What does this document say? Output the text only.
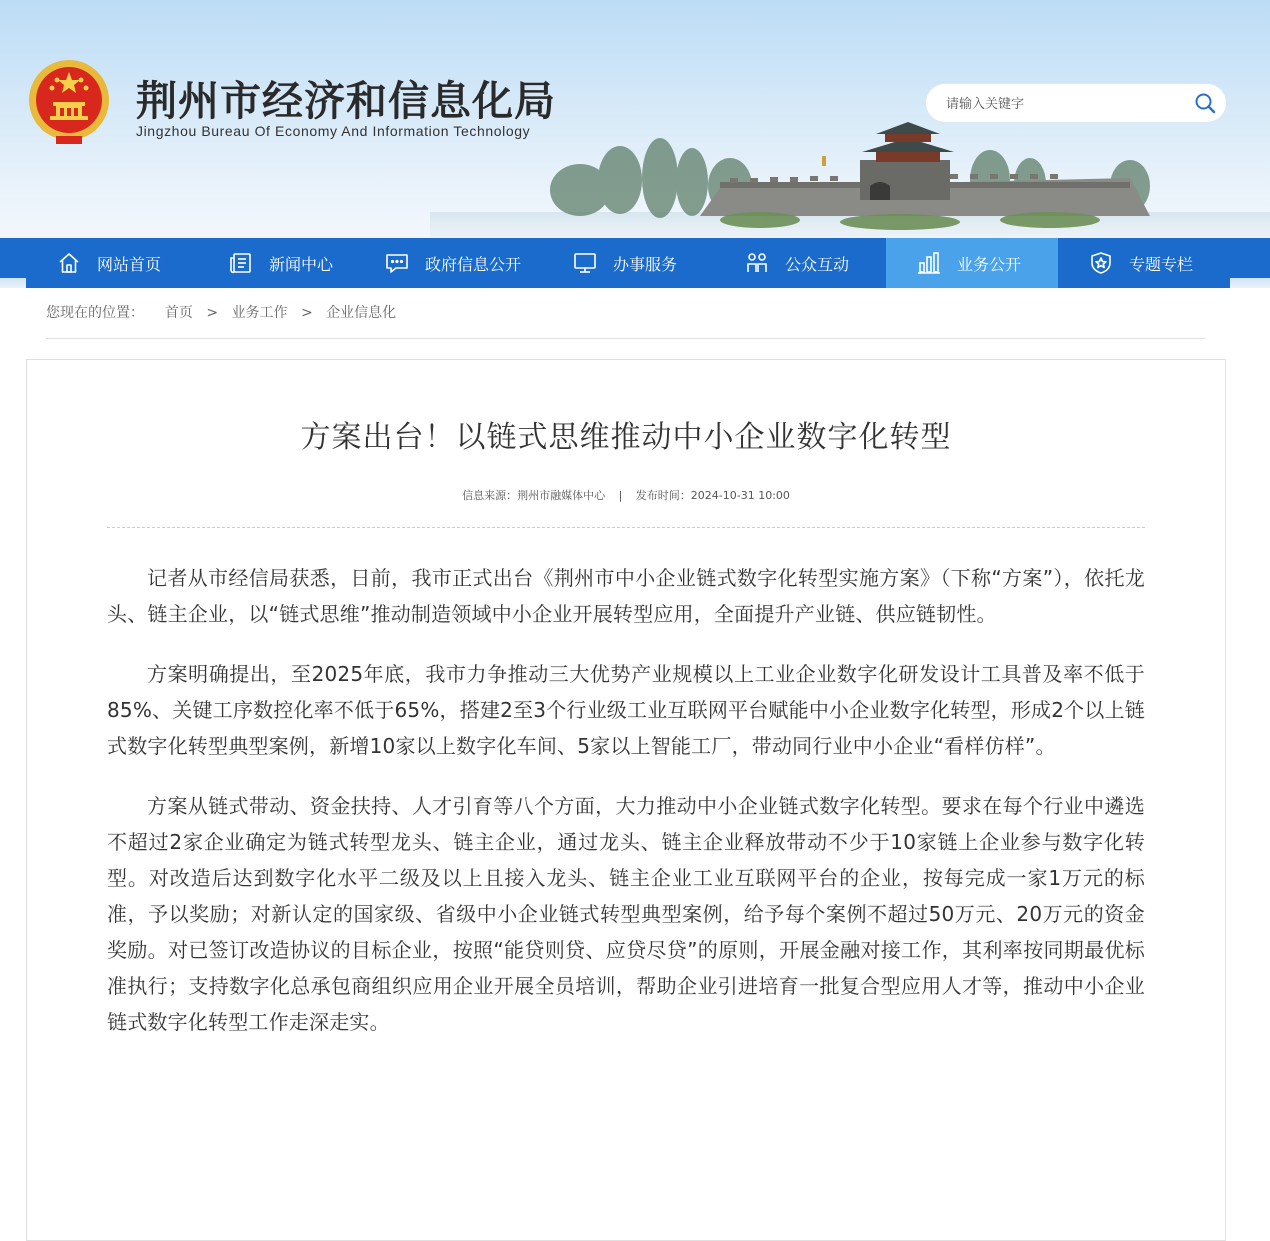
荆州市经济和信息化局
Jingzhou Bureau Of Economy And Information Technology
请输入关键字
网站首页	新闻中心	政府信息公开	办事服务	公众互动	业务公开	专题专栏
您现在的位置： 首页 > 业务工作 > 企业信息化
方案出台！以链式思维推动中小企业数字化转型
信息来源：荆州市融媒体中心 | 发布时间：2024-10-31 10:00

记者从市经信局获悉，日前，我市正式出台《荆州市中小企业链式数字化转型实施方案》（下称“方案”），依托龙头、链主企业，以“链式思维”推动制造领域中小企业开展转型应用，全面提升产业链、供应链韧性。

方案明确提出，至2025年底，我市力争推动三大优势产业规模以上工业企业数字化研发设计工具普及率不低于85%、关键工序数控化率不低于65%，搭建2至3个行业级工业互联网平台赋能中小企业数字化转型，形成2个以上链式数字化转型典型案例，新增10家以上数字化车间、5家以上智能工厂，带动同行业中小企业“看样仿样”。

方案从链式带动、资金扶持、人才引育等八个方面，大力推动中小企业链式数字化转型。要求在每个行业中遴选不超过2家企业确定为链式转型龙头、链主企业，通过龙头、链主企业释放带动不少于10家链上企业参与数字化转型。对改造后达到数字化水平二级及以上且接入龙头、链主企业工业互联网平台的企业，按每完成一家1万元的标准，予以奖励；对新认定的国家级、省级中小企业链式转型典型案例，给予每个案例不超过50万元、20万元的资金奖励。对已签订改造协议的目标企业，按照“能贷则贷、应贷尽贷”的原则，开展金融对接工作，其利率按同期最优标准执行；支持数字化总承包商组织应用企业开展全员培训，帮助企业引进培育一批复合型应用人才等，推动中小企业链式数字化转型工作走深走实。
